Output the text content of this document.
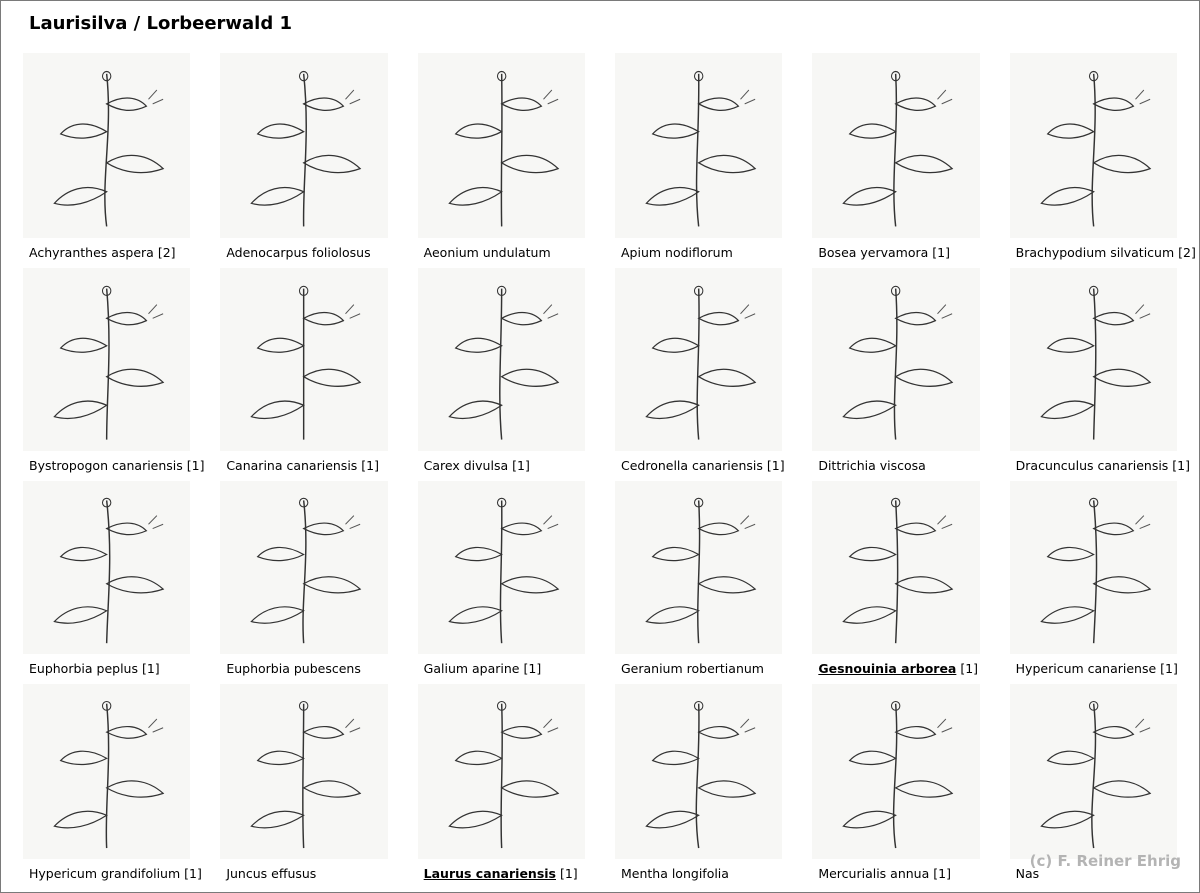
Laurisilva / Lorbeerwald 1
Achyranthes aspera [2]	Adenocarpus foliolosus	Aeonium undulatum	Apium nodiflorum	Bosea yervamora [1]	Brachypodium silvaticum [2]
Bystropogon canariensis [1] Canarina canariensis [1]	Carex divulsa [1]	Cedronella canariensis [1]	Dittrichia viscosa	Dracunculus canariensis [1]
Euphorbia peplus [1]	Euphorbia pubescens	Galium aparine [1]	Geranium robertianum	Gesnouinia arborea [1]	Hypericum canariense [1]
Hypericum grandifolium [1] Juncus effusus	Laurus canariensis [1]	Mentha longifolia	Mercurialis annua [1]	Nas
(c) F. Reiner Ehrig
